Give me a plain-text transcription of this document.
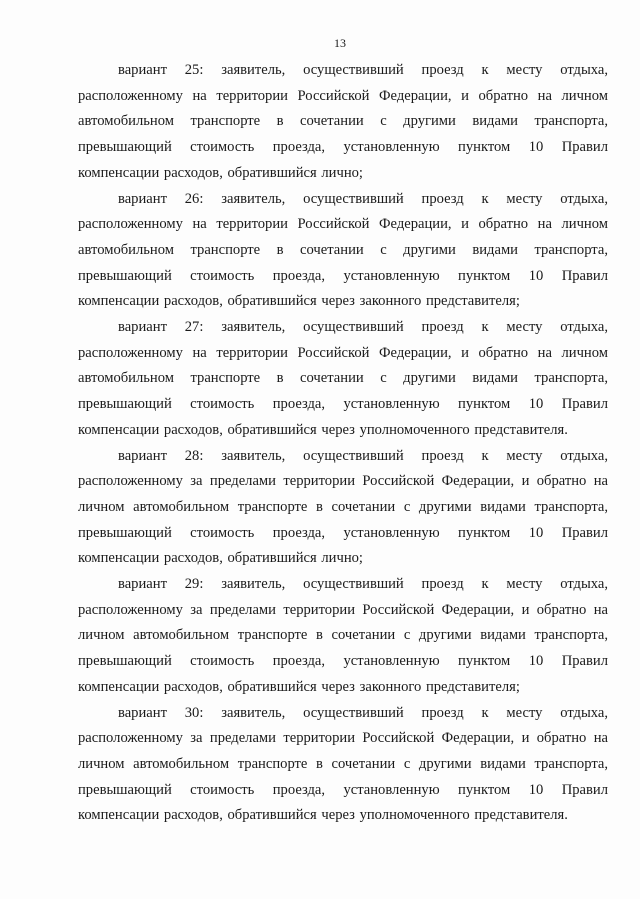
13

вариант 25: заявитель, осуществивший проезд к месту отдыха, расположенному на территории Российской Федерации, и обратно на личном автомобильном транспорте в сочетании с другими видами транспорта, превышающий стоимость проезда, установленную пунктом 10 Правил компенсации расходов, обратившийся лично;

вариант 26: заявитель, осуществивший проезд к месту отдыха, расположенному на территории Российской Федерации, и обратно на личном автомобильном транспорте в сочетании с другими видами транспорта, превышающий стоимость проезда, установленную пунктом 10 Правил компенсации расходов, обратившийся через законного представителя;

вариант 27: заявитель, осуществивший проезд к месту отдыха, расположенному на территории Российской Федерации, и обратно на личном автомобильном транспорте в сочетании с другими видами транспорта, превышающий стоимость проезда, установленную пунктом 10 Правил компенсации расходов, обратившийся через уполномоченного представителя.

вариант 28: заявитель, осуществивший проезд к месту отдыха, расположенному за пределами территории Российской Федерации, и обратно на личном автомобильном транспорте в сочетании с другими видами транспорта, превышающий стоимость проезда, установленную пунктом 10 Правил компенсации расходов, обратившийся лично;

вариант 29: заявитель, осуществивший проезд к месту отдыха, расположенному за пределами территории Российской Федерации, и обратно на личном автомобильном транспорте в сочетании с другими видами транспорта, превышающий стоимость проезда, установленную пунктом 10 Правил компенсации расходов, обратившийся через законного представителя;

вариант 30: заявитель, осуществивший проезд к месту отдыха, расположенному за пределами территории Российской Федерации, и обратно на личном автомобильном транспорте в сочетании с другими видами транспорта, превышающий стоимость проезда, установленную пунктом 10 Правил компенсации расходов, обратившийся через уполномоченного представителя.
